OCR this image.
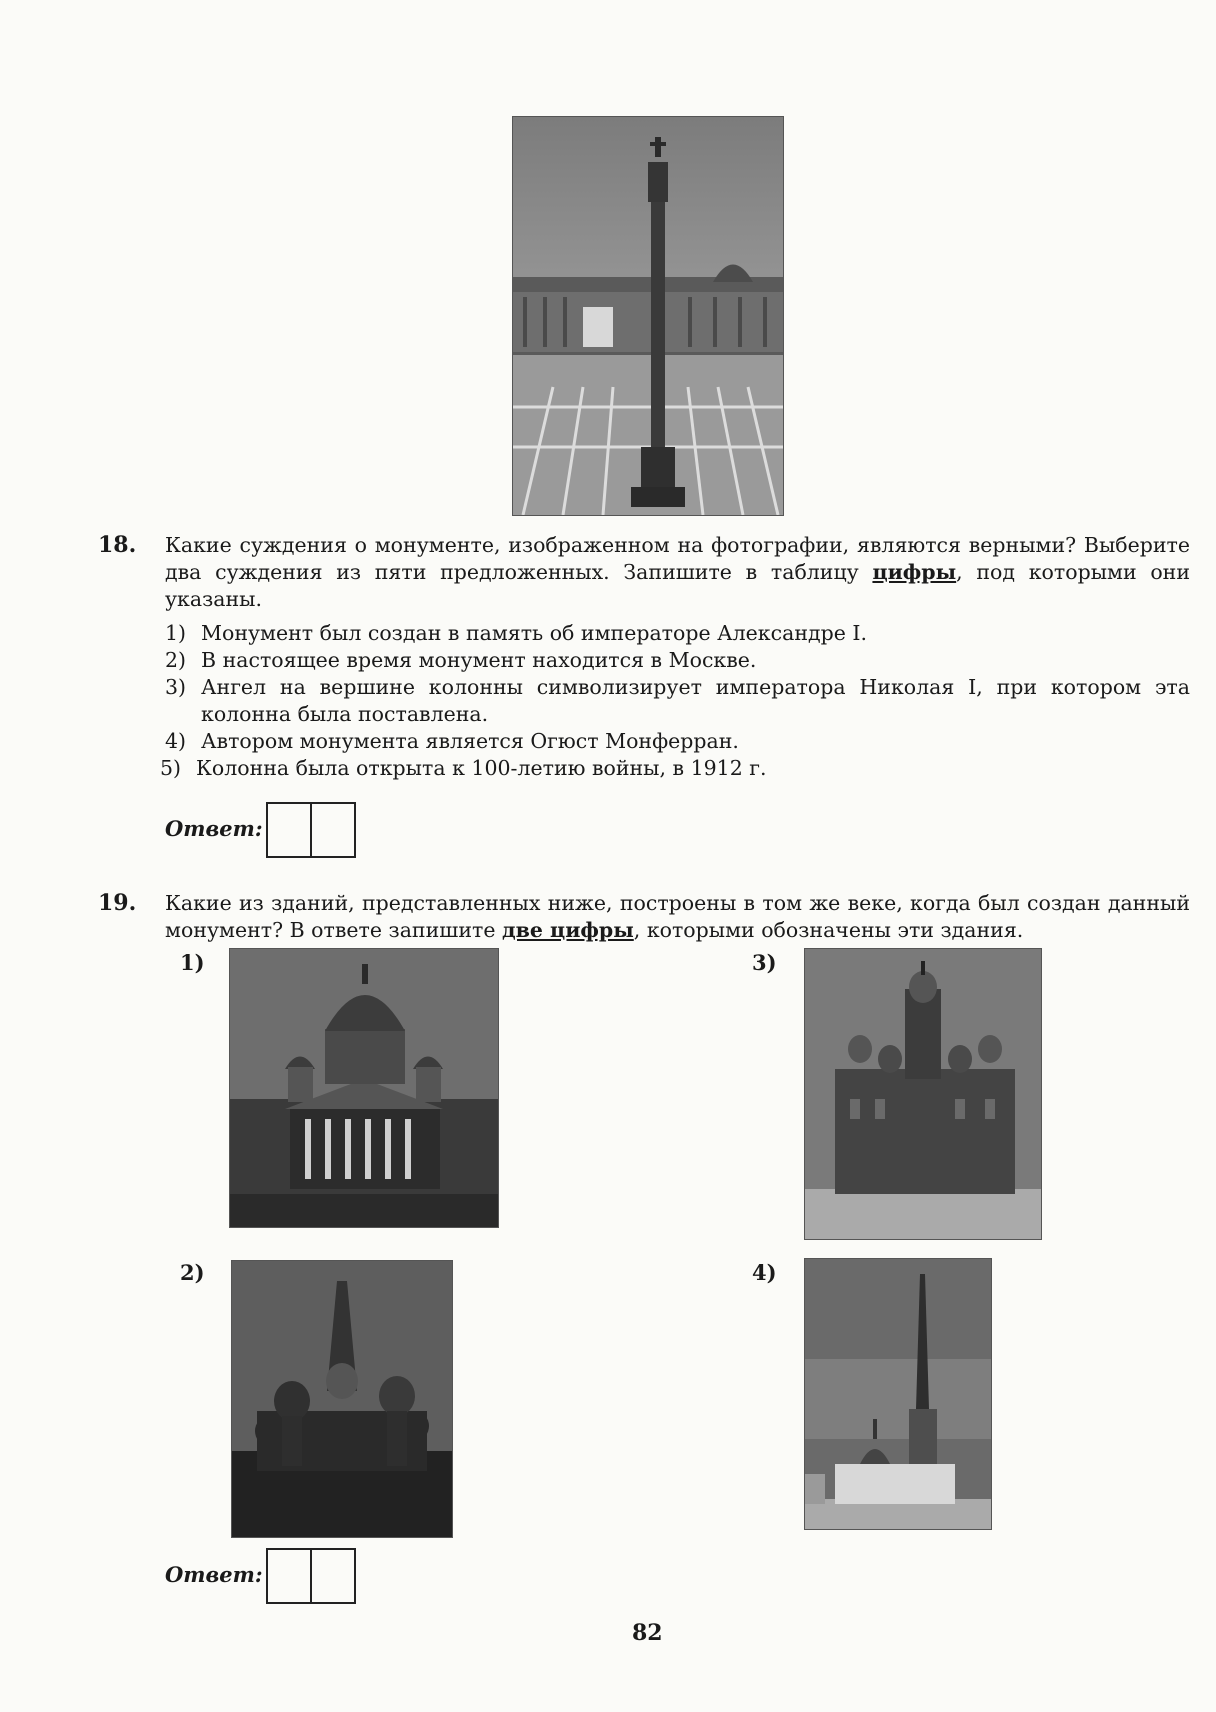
18. Какие суждения о монументе, изображенном на фотографии, являются верными? Выберите два суждения из пяти предложенных. Запишите в таблицу цифры, под которыми они указаны.
1) Монумент был создан в память об императоре Александре I.
2) В настоящее время монумент находится в Москве.
3) Ангел на вершине колонны символизирует императора Николая I, при котором эта колонна была поставлена.
4) Автором монумента является Огюст Монферран.
5) Колонна была открыта к 100-летию войны, в 1912 г.
Ответ:
19. Какие из зданий, представленных ниже, построены в том же веке, когда был создан данный монумент? В ответе запишите две цифры, которыми обозначены эти здания.
1)
2)
3)
4)
Ответ:
82
